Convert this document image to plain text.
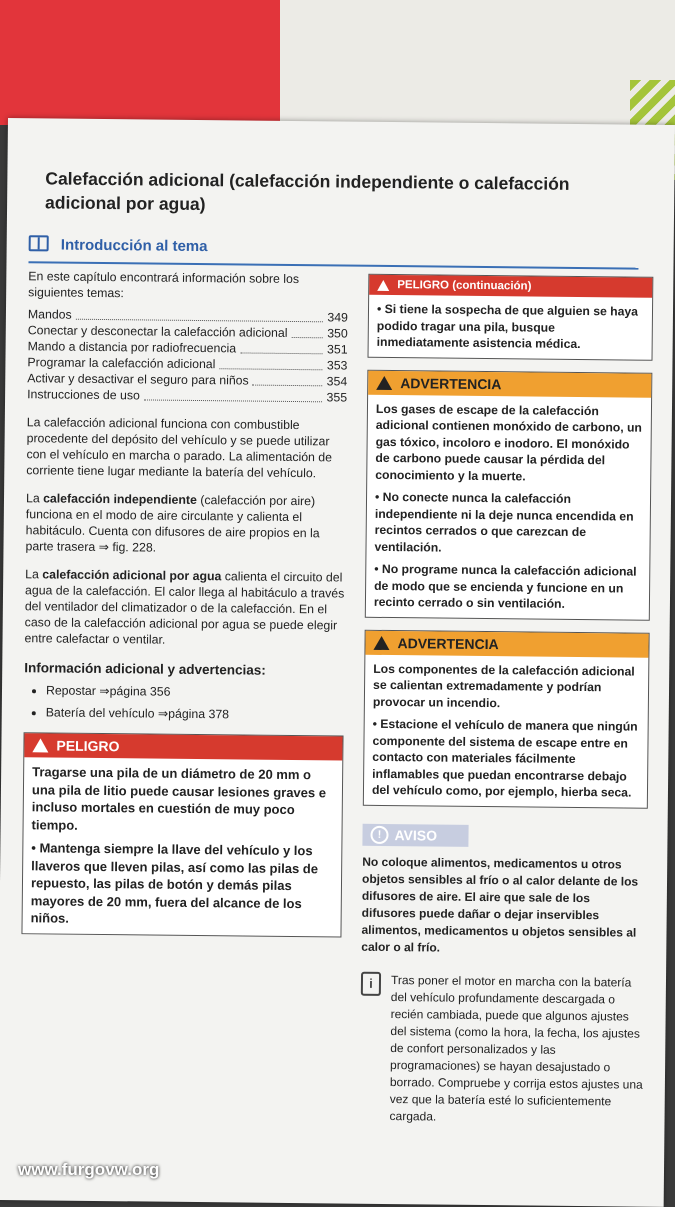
Calefacción adicional (calefacción independiente o calefacción adicional por agua)
Introducción al tema

En este capítulo encontrará información sobre los siguientes temas:

Mandos	349
Conectar y desconectar la calefacción adicional	350
Mando a distancia por radiofrecuencia	351
Programar la calefacción adicional	353
Activar y desactivar el seguro para niños	354
Instrucciones de uso	355

La calefacción adicional funciona con combustible procedente del depósito del vehículo y se puede utilizar con el vehículo en marcha o parado. La alimentación de corriente tiene lugar mediante la batería del vehículo.

La calefacción independiente (calefacción por aire) funciona en el modo de aire circulante y calienta el habitáculo. Cuenta con difusores de aire propios en la parte trasera ⇒ fig. 228.

La calefacción adicional por agua calienta el circuito del agua de la calefacción. El calor llega al habitáculo a través del ventilador del climatizador o de la calefacción. En el caso de la calefacción adicional por agua se puede elegir entre calefactar o ventilar.

Información adicional y advertencias:
• Repostar ⇒página 356
• Batería del vehículo ⇒página 378
PELIGRO

Tragarse una pila de un diámetro de 20 mm o una pila de litio puede causar lesiones graves e incluso mortales en cuestión de muy poco tiempo.

• Mantenga siempre la llave del vehículo y los llaveros que lleven pilas, así como las pilas de repuesto, las pilas de botón y demás pilas mayores de 20 mm, fuera del alcance de los niños.

PELIGRO (continuación)

• Si tiene la sospecha de que alguien se haya podido tragar una pila, busque inmediatamente asistencia médica.

ADVERTENCIA

Los gases de escape de la calefacción adicional contienen monóxido de carbono, un gas tóxico, incoloro e inodoro. El monóxido de carbono puede causar la pérdida del conocimiento y la muerte.

• No conecte nunca la calefacción independiente ni la deje nunca encendida en recintos cerrados o que carezcan de ventilación.

• No programe nunca la calefacción adicional de modo que se encienda y funcione en un recinto cerrado o sin ventilación.

ADVERTENCIA

Los componentes de la calefacción adicional se calientan extremadamente y podrían provocar un incendio.

• Estacione el vehículo de manera que ningún componente del sistema de escape entre en contacto con materiales fácilmente inflamables que puedan encontrarse debajo del vehículo como, por ejemplo, hierba seca.

! AVISO

No coloque alimentos, medicamentos u otros objetos sensibles al frío o al calor delante de los difusores de aire. El aire que sale de los difusores puede dañar o dejar inservibles alimentos, medicamentos u objetos sensibles al calor o al frío.

i	Tras poner el motor en marcha con la batería del vehículo profundamente descargada o recién cambiada, puede que algunos ajustes del sistema (como la hora, la fecha, los ajustes de confort personalizados y las programaciones) se hayan desajustado o borrado. Compruebe y corrija estos ajustes una vez que la batería esté lo suficientemente cargada.

www.furgovw.org
